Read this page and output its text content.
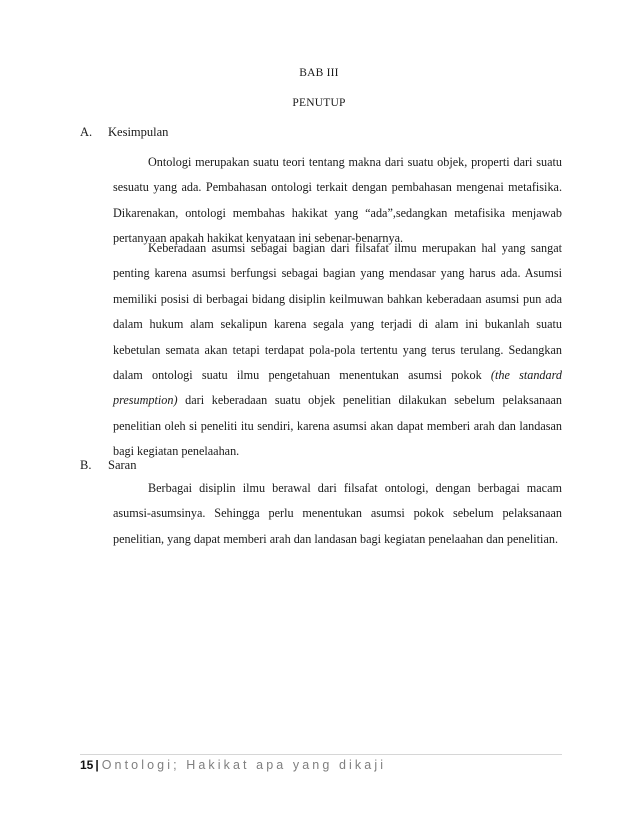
BAB III
PENUTUP
A. Kesimpulan

Ontologi merupakan suatu teori tentang makna dari suatu objek, properti dari suatu sesuatu yang ada. Pembahasan ontologi terkait dengan pembahasan mengenai metafisika. Dikarenakan, ontologi membahas hakikat yang “ada”,sedangkan metafisika menjawab pertanyaan apakah hakikat kenyataan ini sebenar-benarnya.

Keberadaan asumsi sebagai bagian dari filsafat ilmu merupakan hal yang sangat penting karena asumsi berfungsi sebagai bagian yang mendasar yang harus ada. Asumsi memiliki posisi di berbagai bidang disiplin keilmuwan bahkan keberadaan asumsi pun ada dalam hukum alam sekalipun karena segala yang terjadi di alam ini bukanlah suatu kebetulan semata akan tetapi terdapat pola-pola tertentu yang terus terulang. Sedangkan dalam ontologi suatu ilmu pengetahuan menentukan asumsi pokok (the standard presumption) dari keberadaan suatu objek penelitian dilakukan sebelum pelaksanaan penelitian oleh si peneliti itu sendiri, karena asumsi akan dapat memberi arah dan landasan bagi kegiatan penelaahan.

B. Saran

Berbagai disiplin ilmu berawal dari filsafat ontologi, dengan berbagai macam asumsi-asumsinya. Sehingga perlu menentukan asumsi pokok sebelum pelaksanaan penelitian, yang dapat memberi arah dan landasan bagi kegiatan penelaahan dan penelitian.

15 | Ontologi; Hakikat apa yang dikaji
